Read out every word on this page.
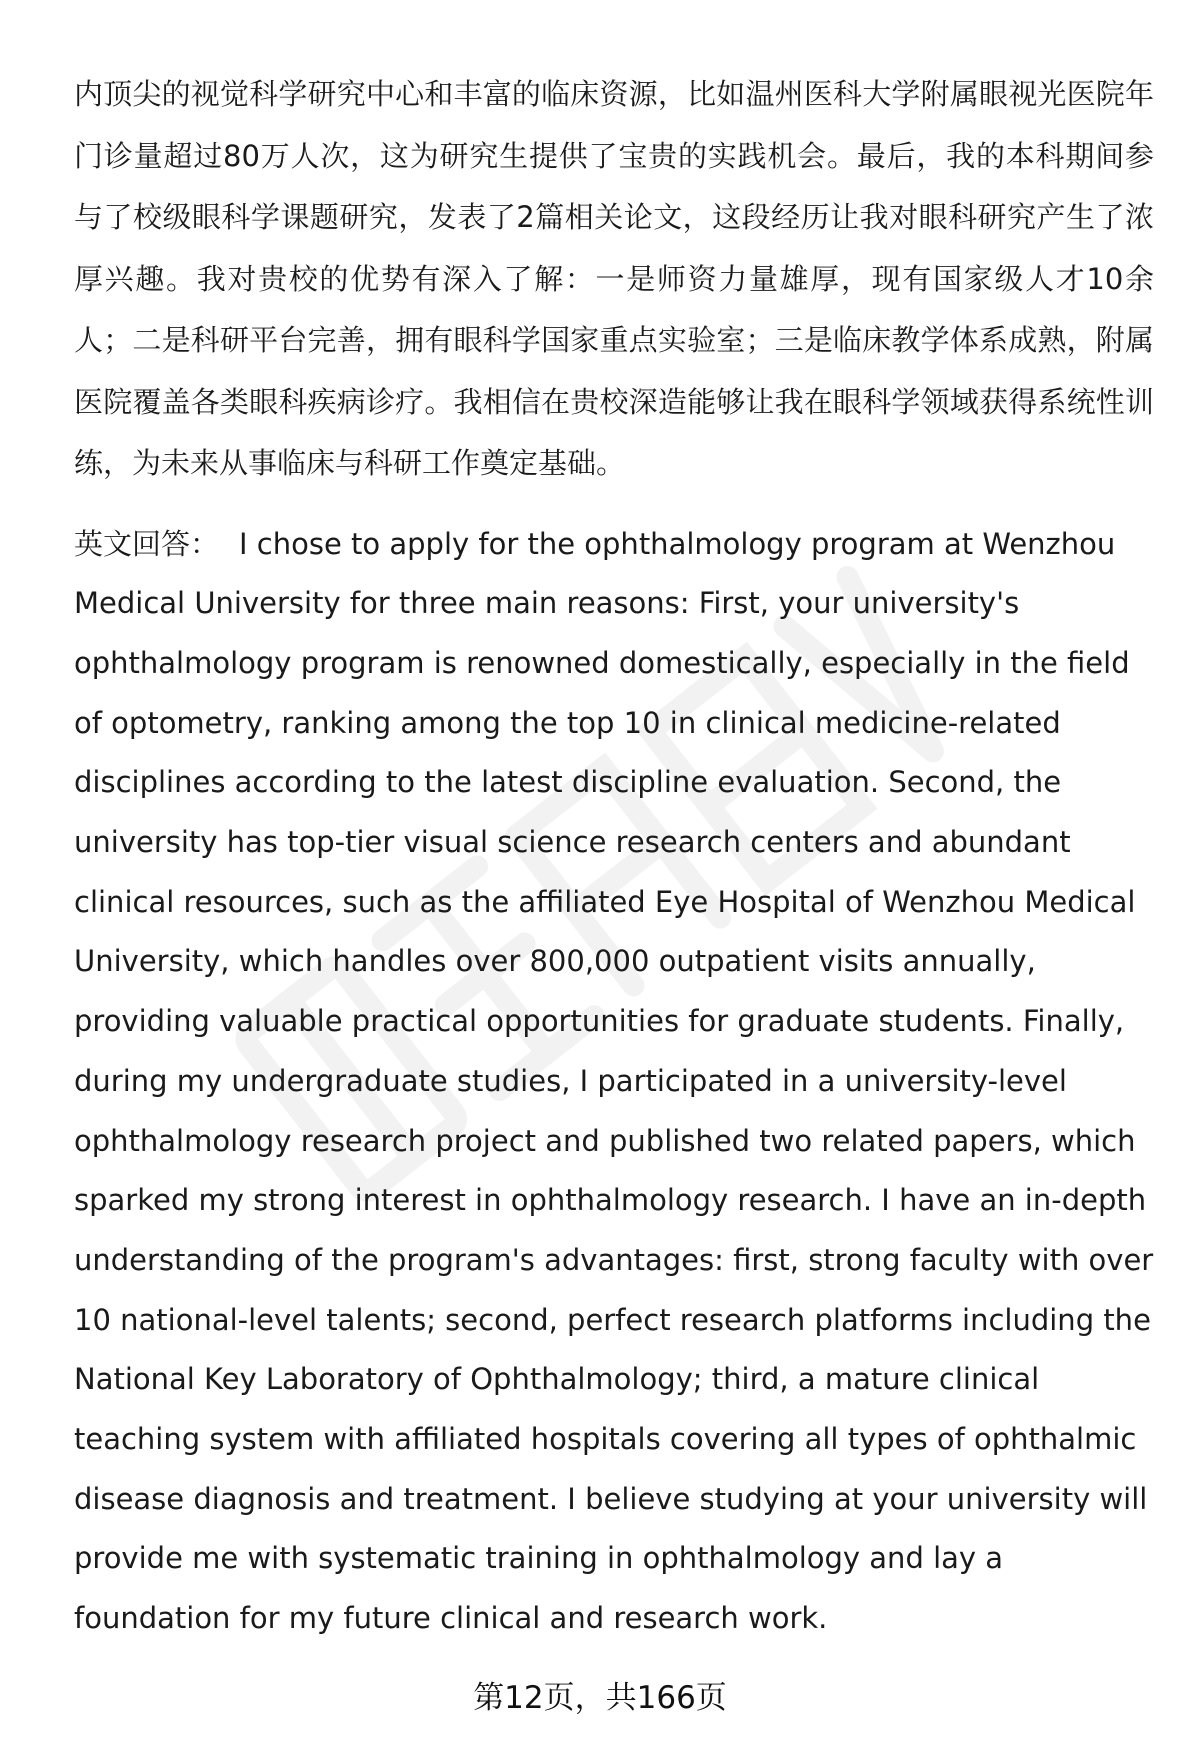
内顶尖的视觉科学研究中心和丰富的临床资源，比如温州医科大学附属眼视光医院年门诊量超过80万人次，这为研究生提供了宝贵的实践机会。最后，我的本科期间参与了校级眼科学课题研究，发表了2篇相关论文，这段经历让我对眼科研究产生了浓厚兴趣。我对贵校的优势有深入了解：一是师资力量雄厚，现有国家级人才10余人；二是科研平台完善，拥有眼科学国家重点实验室；三是临床教学体系成熟，附属医院覆盖各类眼科疾病诊疗。我相信在贵校深造能够让我在眼科学领域获得系统性训练，为未来从事临床与科研工作奠定基础。

英文回答： I chose to apply for the ophthalmology program at Wenzhou Medical University for three main reasons: First, your university's ophthalmology program is renowned domestically, especially in the field of optometry, ranking among the top 10 in clinical medicine-related disciplines according to the latest discipline evaluation. Second, the university has top-tier visual science research centers and abundant clinical resources, such as the affiliated Eye Hospital of Wenzhou Medical University, which handles over 800,000 outpatient visits annually, providing valuable practical opportunities for graduate students. Finally, during my undergraduate studies, I participated in a university-level ophthalmology research project and published two related papers, which sparked my strong interest in ophthalmology research. I have an in-depth understanding of the program's advantages: first, strong faculty with over 10 national-level talents; second, perfect research platforms including the National Key Laboratory of Ophthalmology; third, a mature clinical teaching system with affiliated hospitals covering all types of ophthalmic disease diagnosis and treatment. I believe studying at your university will provide me with systematic training in ophthalmology and lay a foundation for my future clinical and research work.

第12页，共166页
